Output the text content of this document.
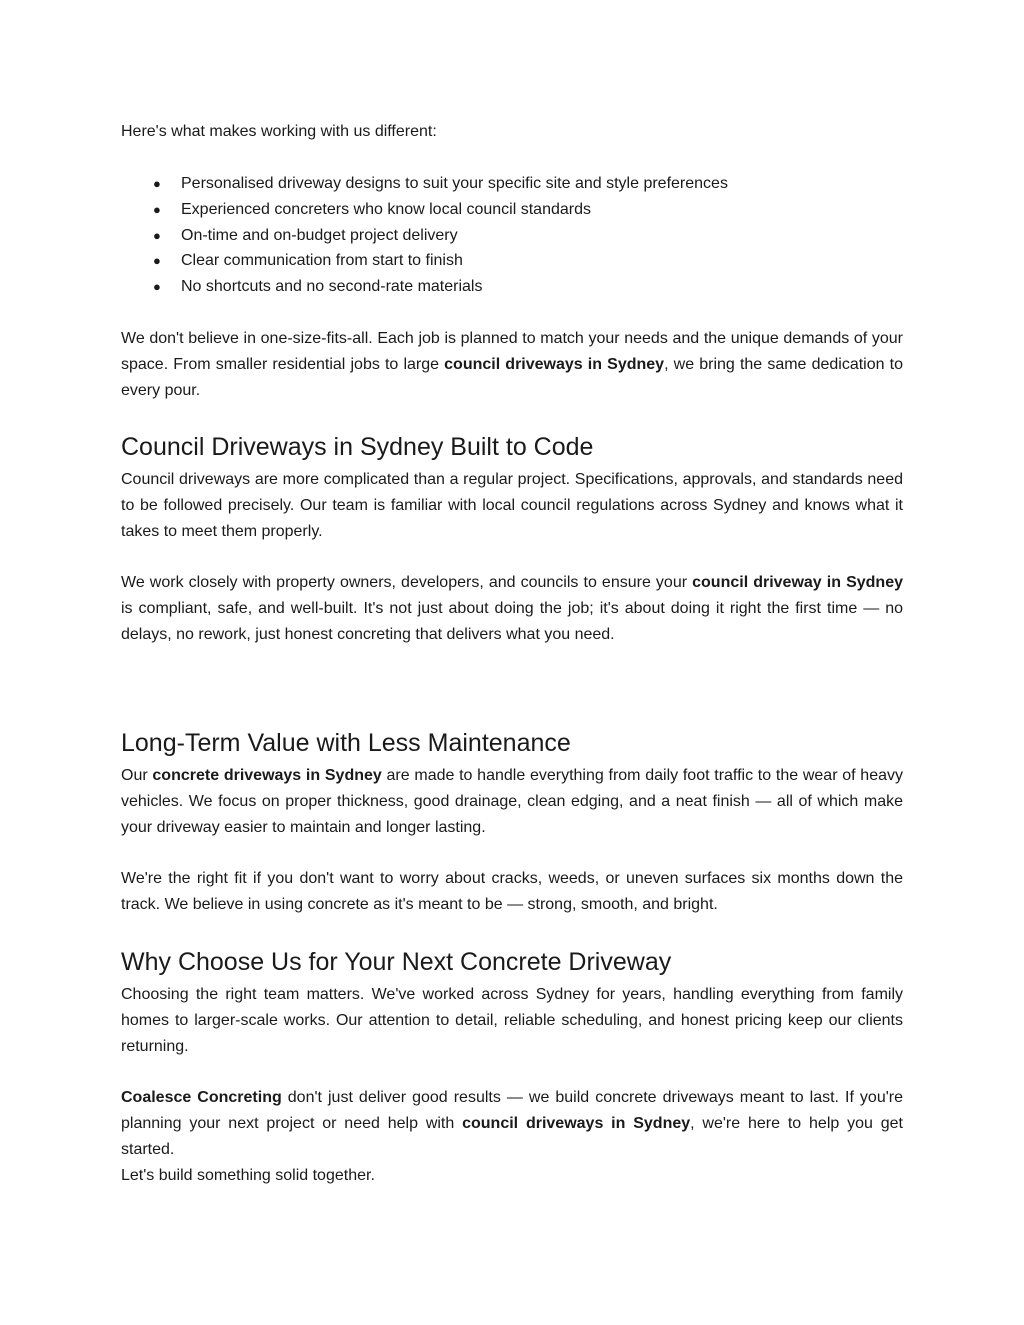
Here's what makes working with us different:

● Personalised driveway designs to suit your specific site and style preferences
● Experienced concreters who know local council standards
● On-time and on-budget project delivery
● Clear communication from start to finish
● No shortcuts and no second-rate materials

We don't believe in one-size-fits-all. Each job is planned to match your needs and the unique demands of your space. From smaller residential jobs to large council driveways in Sydney, we bring the same dedication to every pour.

Council Driveways in Sydney Built to Code

Council driveways are more complicated than a regular project. Specifications, approvals, and standards need to be followed precisely. Our team is familiar with local council regulations across Sydney and knows what it takes to meet them properly.

We work closely with property owners, developers, and councils to ensure your council driveway in Sydney is compliant, safe, and well-built. It's not just about doing the job; it's about doing it right the first time — no delays, no rework, just honest concreting that delivers what you need.

Long-Term Value with Less Maintenance

Our concrete driveways in Sydney are made to handle everything from daily foot traffic to the wear of heavy vehicles. We focus on proper thickness, good drainage, clean edging, and a neat finish — all of which make your driveway easier to maintain and longer lasting.

We're the right fit if you don't want to worry about cracks, weeds, or uneven surfaces six months down the track. We believe in using concrete as it's meant to be — strong, smooth, and bright.

Why Choose Us for Your Next Concrete Driveway

Choosing the right team matters. We've worked across Sydney for years, handling everything from family homes to larger-scale works. Our attention to detail, reliable scheduling, and honest pricing keep our clients returning.

Coalesce Concreting don't just deliver good results — we build concrete driveways meant to last. If you're planning your next project or need help with council driveways in Sydney, we're here to help you get started.

Let's build something solid together.
